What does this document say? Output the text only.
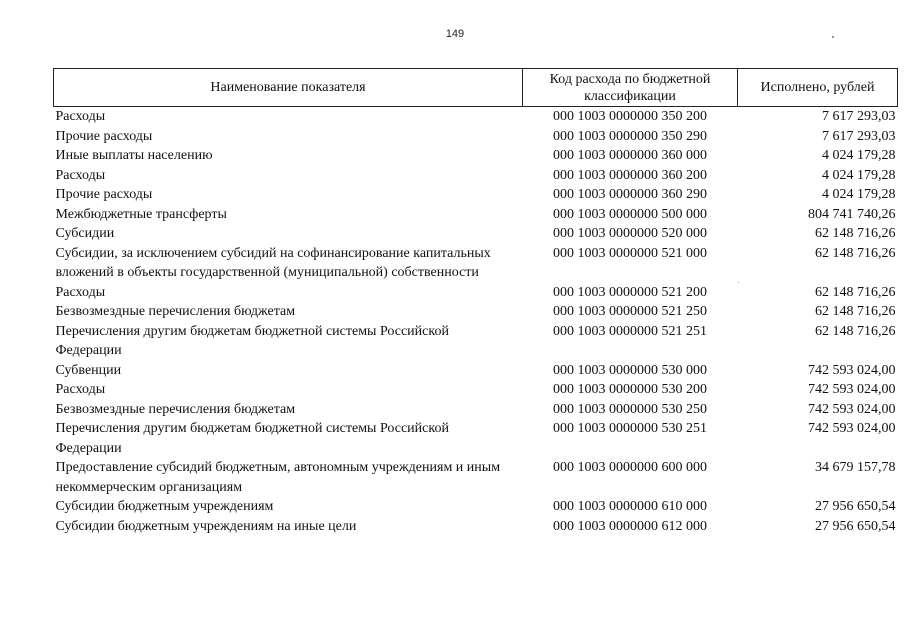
149
Наименование показателя	Код расхода по бюджетной классификации	Исполнено, рублей
Расходы	000 1003 0000000 350 200	7 617 293,03
Прочие расходы	000 1003 0000000 350 290	7 617 293,03
Иные выплаты населению	000 1003 0000000 360 000	4 024 179,28
Расходы	000 1003 0000000 360 200	4 024 179,28
Прочие расходы	000 1003 0000000 360 290	4 024 179,28
Межбюджетные трансферты	000 1003 0000000 500 000	804 741 740,26
Субсидии	000 1003 0000000 520 000	62 148 716,26
Субсидии, за исключением субсидий на софинансирование капитальных вложений в объекты государственной (муниципальной) собственности	000 1003 0000000 521 000	62 148 716,26
Расходы	000 1003 0000000 521 200	62 148 716,26
Безвозмездные перечисления бюджетам	000 1003 0000000 521 250	62 148 716,26
Перечисления другим бюджетам бюджетной системы Российской Федерации	000 1003 0000000 521 251	62 148 716,26
Субвенции	000 1003 0000000 530 000	742 593 024,00
Расходы	000 1003 0000000 530 200	742 593 024,00
Безвозмездные перечисления бюджетам	000 1003 0000000 530 250	742 593 024,00
Перечисления другим бюджетам бюджетной системы Российской Федерации	000 1003 0000000 530 251	742 593 024,00
Предоставление субсидий бюджетным, автономным учреждениям и иным некоммерческим организациям	000 1003 0000000 600 000	34 679 157,78
Субсидии бюджетным учреждениям	000 1003 0000000 610 000	27 956 650,54
Субсидии бюджетным учреждениям на иные цели	000 1003 0000000 612 000	27 956 650,54
